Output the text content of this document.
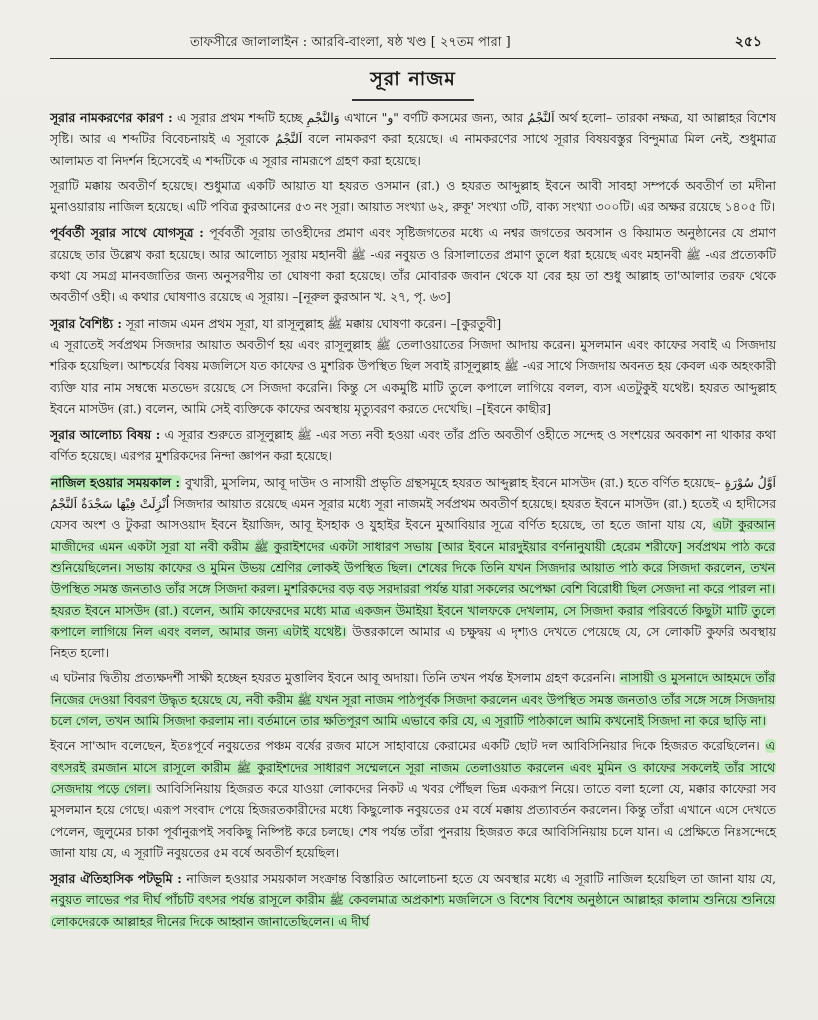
তাফসীরে জালালাইন : আরবি-বাংলা, ষষ্ঠ খণ্ড [ ২৭তম পারা ]	২৫১
সূরা নাজম

সূরার নামকরণের কারণ : এ সূরার প্রথম শব্দটি হচ্ছে وَالنَّجْمِ এখানে "و" বর্ণটি কসমের জন্য, আর اَلنَّجْمُ অর্থ হলো– তারকা নক্ষত্র, যা আল্লাহর বিশেষ সৃষ্টি। আর এ শব্দটির বিবেচনায়ই এ সূরাকে اَلنَّجْمُ বলে নামকরণ করা হয়েছে। এ নামকরণের সাথে সূরার বিষয়বস্তুর বিন্দুমাত্র মিল নেই, শুধুমাত্র আলামত বা নিদর্শন হিসেবেই এ শব্দটিকে এ সূরার নামরূপে গ্রহণ করা হয়েছে।

সূরাটি মক্কায় অবতীর্ণ হয়েছে। শুধুমাত্র একটি আয়াত যা হযরত ওসমান (রা.) ও হযরত আব্দুল্লাহ ইবনে আবী সাবহা সম্পর্কে অবতীর্ণ তা মদীনা মুনাওয়ারায় নাজিল হয়েছে। এটি পবিত্র কুরআনের ৫৩ নং সূরা। আয়াত সংখ্যা ৬২, রুকূ' সংখ্যা ৩টি, বাক্য সংখ্যা ৩০০টি। এর অক্ষর রয়েছে ১৪০৫ টি।

পূর্ববর্তী সূরার সাথে যোগসূত্র : পূর্ববর্তী সূরায় তাওহীদের প্রমাণ এবং সৃষ্টিজগতের মধ্যে এ নশ্বর জগতের অবসান ও কিয়ামত অনুষ্ঠানের যে প্রমাণ রয়েছে তার উল্লেখ করা হয়েছে। আর আলোচ্য সূরায় মহানবী ﷺ -এর নবুয়ত ও রিসালাতের প্রমাণ তুলে ধরা হয়েছে এবং মহানবী ﷺ -এর প্রত্যেকটি কথা যে সমগ্র মানবজাতির জন্য অনুসরণীয় তা ঘোষণা করা হয়েছে। তাঁর মোবারক জবান থেকে যা বের হয় তা শুধু আল্লাহ তা'আলার তরফ থেকে অবতীর্ণ ওহী। এ কথার ঘোষণাও রয়েছে এ সূরায়। –[নূরুল কুরআন খ. ২৭, পৃ. ৬৩]

সূরার বৈশিষ্ট্য : সূরা নাজম এমন প্রথম সূরা, যা রাসূলুল্লাহ ﷺ মক্কায় ঘোষণা করেন। –[কুরতুবী]

এ সূরাতেই সর্বপ্রথম সিজদার আয়াত অবতীর্ণ হয় এবং রাসূলুল্লাহ ﷺ তেলাওয়াতের সিজদা আদায় করেন। মুসলমান এবং কাফের সবাই এ সিজদায় শরিক হয়েছিল। আশ্চর্যের বিষয় মজলিসে যত কাফের ও মুশরিক উপস্থিত ছিল সবাই রাসূলুল্লাহ ﷺ -এর সাথে সিজদায় অবনত হয় কেবল এক অহংকারী ব্যক্তি যার নাম সম্বন্ধে মতভেদ রয়েছে সে সিজদা করেনি। কিন্তু সে একমুষ্টি মাটি তুলে কপালে লাগিয়ে বলল, ব্যস এতটুকুই যথেষ্ট। হযরত আব্দুল্লাহ ইবনে মাসউদ (রা.) বলেন, আমি সেই ব্যক্তিকে কাফের অবস্থায় মৃত্যুবরণ করতে দেখেছি। –[ইবনে কাছীর]

সূরার আলোচ্য বিষয় : এ সূরার শুরুতে রাসূলুল্লাহ ﷺ -এর সত্য নবী হওয়া এবং তাঁর প্রতি অবতীর্ণ ওহীতে সন্দেহ ও সংশয়ের অবকাশ না থাকার কথা বর্ণিত হয়েছে। এরপর মুশরিকদের নিন্দা জ্ঞাপন করা হয়েছে।

নাজিল হওয়ার সময়কাল : বুখারী, মুসলিম, আবূ দাউদ ও নাসায়ী প্রভৃতি গ্রন্থসমূহে হযরত আব্দুল্লাহ ইবনে মাসউদ (রা.) হতে বর্ণিত হয়েছে– اَوَّلُ سُوْرَةٍ اُنْزِلَتْ فِيْهَا سَجْدَةٌ اَلنَّجْمُ সিজদার আয়াত রয়েছে এমন সূরার মধ্যে সূরা নাজমই সর্বপ্রথম অবতীর্ণ হয়েছে। হযরত ইবনে মাসউদ (রা.) হতেই এ হাদীসের যেসব অংশ ও টুকরা আসওয়াদ ইবনে ইয়াজিদ, আবূ ইসহাক ও যুহাইর ইবনে মুআবিয়ার সূত্রে বর্ণিত হয়েছে, তা হতে জানা যায় যে, এটা কুরআন মাজীদের এমন একটা সূরা যা নবী করীম ﷺ কুরাইশদের একটা সাধারণ সভায় [আর ইবনে মারদুইয়ার বর্ণনানুযায়ী হেরেম শরীফে] সর্বপ্রথম পাঠ করে শুনিয়েছিলেন। সভায় কাফের ও মুমিন উভয় শ্রেণির লোকই উপস্থিত ছিল। শেষের দিকে তিনি যখন সিজদার আয়াত পাঠ করে সিজদা করলেন, তখন উপস্থিত সমস্ত জনতাও তাঁর সঙ্গে সিজদা করল। মুশরিকদের বড় বড় সরদাররা পর্যন্ত যারা সকলের অপেক্ষা বেশি বিরোধী ছিল সেজদা না করে পারল না। হযরত ইবনে মাসউদ (রা.) বলেন, আমি কাফেরদের মধ্যে মাত্র একজন উমাইয়া ইবনে খালফকে দেখলাম, সে সিজদা করার পরিবর্তে কিছুটা মাটি তুলে কপালে লাগিয়ে নিল এবং বলল, আমার জন্য এটাই যথেষ্ট। উত্তরকালে আমার এ চক্ষুদ্বয় এ দৃশ্যও দেখতে পেয়েছে যে, সে লোকটি কুফরি অবস্থায় নিহত হলো।

এ ঘটনার দ্বিতীয় প্রত্যক্ষদর্শী সাক্ষী হচ্ছেন হযরত মুত্তালিব ইবনে আবূ অদায়া। তিনি তখন পর্যন্ত ইসলাম গ্রহণ করেননি। নাসায়ী ও মুসনাদে আহমদে তাঁর নিজের দেওয়া বিবরণ উদ্ধৃত হয়েছে যে, নবী করীম ﷺ যখন সূরা নাজম পাঠপূর্বক সিজদা করলেন এবং উপস্থিত সমস্ত জনতাও তাঁর সঙ্গে সঙ্গে সিজদায় চলে গেল, তখন আমি সিজদা করলাম না। বর্তমানে তার ক্ষতিপূরণ আমি এভাবে করি যে, এ সূরাটি পাঠকালে আমি কখনোই সিজদা না করে ছাড়ি না।

ইবনে সা'আদ বলেছেন, ইতঃপূর্বে নবুয়তের পঞ্চম বর্ষের রজব মাসে সাহাবায়ে কেরামের একটি ছোট দল আবিসিনিয়ার দিকে হিজরত করেছিলেন। এ বৎসরই রমজান মাসে রাসূলে কারীম ﷺ কুরাইশদের সাধারণ সম্মেলনে সূরা নাজম তেলাওয়াত করলেন এবং মুমিন ও কাফের সকলেই তাঁর সাথে সেজদায় পড়ে গেল। আবিসিনিয়ায় হিজরত করে যাওয়া লোকদের নিকট এ খবর পৌঁছল ভিন্ন একরূপ নিয়ে। তাতে বলা হলো যে, মক্কার কাফেরা সব মুসলমান হয়ে গেছে। এরূপ সংবাদ পেয়ে হিজরতকারীদের মধ্যে কিছুলোক নবুয়তের ৫ম বর্ষে মক্কায় প্রত্যাবর্তন করলেন। কিন্তু তাঁরা এখানে এসে দেখতে পেলেন, জুলুমের চাকা পূর্বানুরূপই সবকিছু নিষ্পিষ্ট করে চলছে। শেষ পর্যন্ত তাঁরা পুনরায় হিজরত করে আবিসিনিয়ায় চলে যান। এ প্রেক্ষিতে নিঃসন্দেহে জানা যায় যে, এ সূরাটি নবুয়তের ৫ম বর্ষে অবতীর্ণ হয়েছিল।

সূরার ঐতিহাসিক পটভূমি : নাজিল হওয়ার সময়কাল সংক্রান্ত বিস্তারিত আলোচনা হতে যে অবস্থার মধ্যে এ সূরাটি নাজিল হয়েছিল তা জানা যায় যে, নবুয়ত লাভের পর দীর্ঘ পাঁচটি বৎসর পর্যন্ত রাসূলে কারীম ﷺ কেবলমাত্র অপ্রকাশ্য মজলিসে ও বিশেষ বিশেষ অনুষ্ঠানে আল্লাহর কালাম শুনিয়ে শুনিয়ে লোকদেরকে আল্লাহর দীনের দিকে আহ্বান জানাতেছিলেন। এ দীর্ঘ
